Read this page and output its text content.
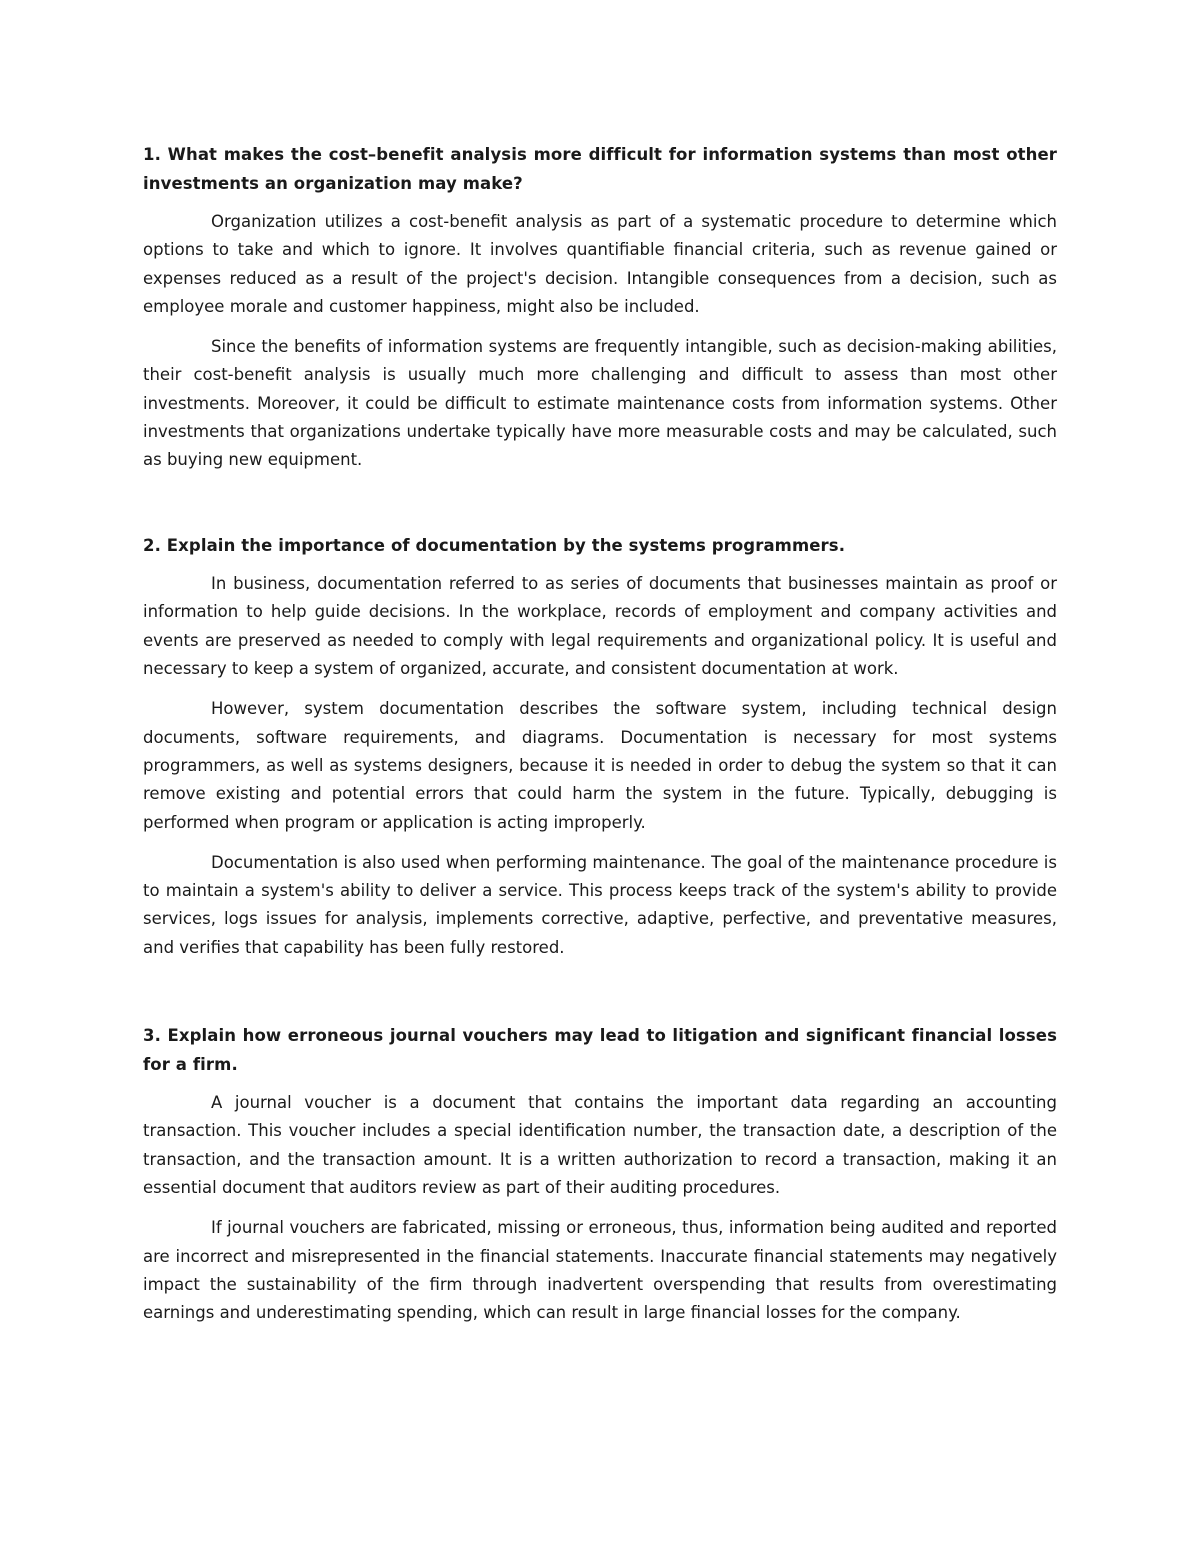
1. What makes the cost–benefit analysis more difficult for information systems than most other investments an organization may make?

Organization utilizes a cost-benefit analysis as part of a systematic procedure to determine which options to take and which to ignore. It involves quantifiable financial criteria, such as revenue gained or expenses reduced as a result of the project's decision. Intangible consequences from a decision, such as employee morale and customer happiness, might also be included.

Since the benefits of information systems are frequently intangible, such as decision-making abilities, their cost-benefit analysis is usually much more challenging and difficult to assess than most other investments. Moreover, it could be difficult to estimate maintenance costs from information systems. Other investments that organizations undertake typically have more measurable costs and may be calculated, such as buying new equipment.

2. Explain the importance of documentation by the systems programmers.

In business, documentation referred to as series of documents that businesses maintain as proof or information to help guide decisions. In the workplace, records of employment and company activities and events are preserved as needed to comply with legal requirements and organizational policy. It is useful and necessary to keep a system of organized, accurate, and consistent documentation at work.

However, system documentation describes the software system, including technical design documents, software requirements, and diagrams. Documentation is necessary for most systems programmers, as well as systems designers, because it is needed in order to debug the system so that it can remove existing and potential errors that could harm the system in the future. Typically, debugging is performed when program or application is acting improperly.

Documentation is also used when performing maintenance. The goal of the maintenance procedure is to maintain a system's ability to deliver a service. This process keeps track of the system's ability to provide services, logs issues for analysis, implements corrective, adaptive, perfective, and preventative measures, and verifies that capability has been fully restored.

3. Explain how erroneous journal vouchers may lead to litigation and significant financial losses for a firm.

A journal voucher is a document that contains the important data regarding an accounting transaction. This voucher includes a special identification number, the transaction date, a description of the transaction, and the transaction amount. It is a written authorization to record a transaction, making it an essential document that auditors review as part of their auditing procedures.

If journal vouchers are fabricated, missing or erroneous, thus, information being audited and reported are incorrect and misrepresented in the financial statements. Inaccurate financial statements may negatively impact the sustainability of the firm through inadvertent overspending that results from overestimating earnings and underestimating spending, which can result in large financial losses for the company.
